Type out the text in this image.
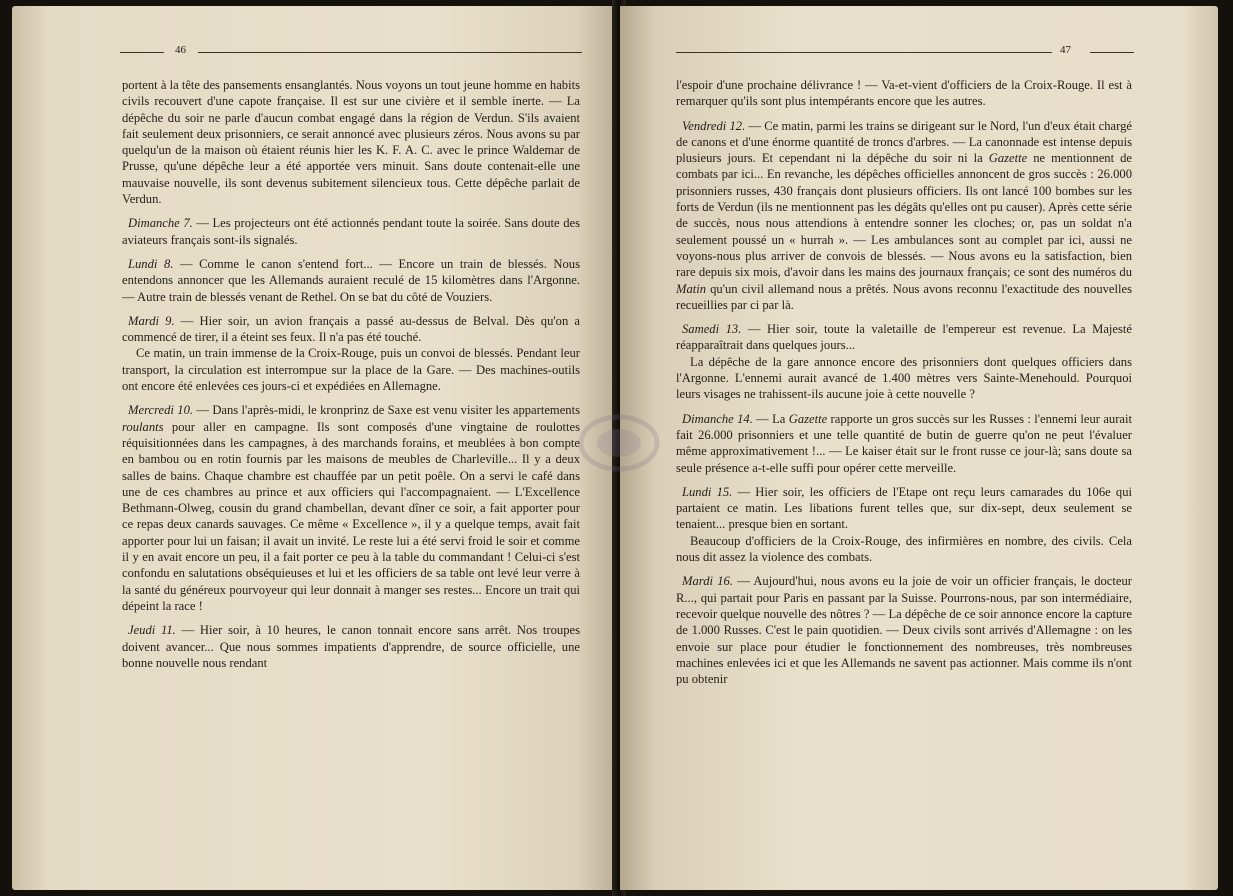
46

portent à la tête des pansements ensanglantés. Nous voyons un tout jeune homme en habits civils recouvert d'une capote française. Il est sur une civière et il semble inerte. — La dépêche du soir ne parle d'aucun combat engagé dans la région de Verdun. S'ils avaient fait seulement deux prisonniers, ce serait annoncé avec plusieurs zéros. Nous avons su par quelqu'un de la maison où étaient réunis hier les K. F. A. C. avec le prince Waldemar de Prusse, qu'une dépêche leur a été apportée vers minuit. Sans doute contenait-elle une mauvaise nouvelle, ils sont devenus subitement silencieux tous. Cette dépêche parlait de Verdun.

Dimanche 7. — Les projecteurs ont été actionnés pendant toute la soirée. Sans doute des aviateurs français sont-ils signalés.

Lundi 8. — Comme le canon s'entend fort... — Encore un train de blessés. Nous entendons annoncer que les Allemands auraient reculé de 15 kilomètres dans l'Argonne. — Autre train de blessés venant de Rethel. On se bat du côté de Vouziers.

Mardi 9. — Hier soir, un avion français a passé au-dessus de Belval. Dès qu'on a commencé de tirer, il a éteint ses feux. Il n'a pas été touché.

Ce matin, un train immense de la Croix-Rouge, puis un convoi de blessés. Pendant leur transport, la circulation est interrompue sur la place de la Gare. — Des machines-outils ont encore été enlevées ces jours-ci et expédiées en Allemagne.

Mercredi 10. — Dans l'après-midi, le kronprinz de Saxe est venu visiter les appartements roulants pour aller en campagne. Ils sont composés d'une vingtaine de roulottes réquisitionnées dans les campagnes, à des marchands forains, et meublées à bon compte en bambou ou en rotin fournis par les maisons de meubles de Charleville... Il y a deux salles de bains. Chaque chambre est chauffée par un petit poêle. On a servi le café dans une de ces chambres au prince et aux officiers qui l'accompagnaient. — L'Excellence Bethmann-Olweg, cousin du grand chambellan, devant dîner ce soir, a fait apporter pour ce repas deux canards sauvages. Ce même « Excellence », il y a quelque temps, avait fait apporter pour lui un faisan; il avait un invité. Le reste lui a été servi froid le soir et comme il y en avait encore un peu, il a fait porter ce peu à la table du commandant ! Celui-ci s'est confondu en salutations obséquieuses et lui et les officiers de sa table ont levé leur verre à la santé du généreux pourvoyeur qui leur donnait à manger ses restes... Encore un trait qui dépeint la race !

Jeudi 11. — Hier soir, à 10 heures, le canon tonnait encore sans arrêt. Nos troupes doivent avancer... Que nous sommes impatients d'apprendre, de source officielle, une bonne nouvelle nous rendant

47

l'espoir d'une prochaine délivrance ! — Va-et-vient d'officiers de la Croix-Rouge. Il est à remarquer qu'ils sont plus intempérants encore que les autres.

Vendredi 12. — Ce matin, parmi les trains se dirigeant sur le Nord, l'un d'eux était chargé de canons et d'une énorme quantité de troncs d'arbres. — La canonnade est intense depuis plusieurs jours. Et cependant ni la dépêche du soir ni la Gazette ne mentionnent de combats par ici... En revanche, les dépêches officielles annoncent de gros succès : 26.000 prisonniers russes, 430 français dont plusieurs officiers. Ils ont lancé 100 bombes sur les forts de Verdun (ils ne mentionnent pas les dégâts qu'elles ont pu causer). Après cette série de succès, nous nous attendions à entendre sonner les cloches; or, pas un soldat n'a seulement poussé un « hurrah ». — Les ambulances sont au complet par ici, aussi ne voyons-nous plus arriver de convois de blessés. — Nous avons eu la satisfaction, bien rare depuis six mois, d'avoir dans les mains des journaux français; ce sont des numéros du Matin qu'un civil allemand nous a prêtés. Nous avons reconnu l'exactitude des nouvelles recueillies par ci par là.

Samedi 13. — Hier soir, toute la valetaille de l'empereur est revenue. La Majesté réapparaîtrait dans quelques jours...

La dépêche de la gare annonce encore des prisonniers dont quelques officiers dans l'Argonne. L'ennemi aurait avancé de 1.400 mètres vers Sainte-Menehould. Pourquoi leurs visages ne trahissent-ils aucune joie à cette nouvelle ?

Dimanche 14. — La Gazette rapporte un gros succès sur les Russes : l'ennemi leur aurait fait 26.000 prisonniers et une telle quantité de butin de guerre qu'on ne peut l'évaluer même approximativement !... — Le kaiser était sur le front russe ce jour-là; sans doute sa seule présence a-t-elle suffi pour opérer cette merveille.

Lundi 15. — Hier soir, les officiers de l'Etape ont reçu leurs camarades du 106e qui partaient ce matin. Les libations furent telles que, sur dix-sept, deux seulement se tenaient... presque bien en sortant.

Beaucoup d'officiers de la Croix-Rouge, des infirmières en nombre, des civils. Cela nous dit assez la violence des combats.

Mardi 16. — Aujourd'hui, nous avons eu la joie de voir un officier français, le docteur R..., qui partait pour Paris en passant par la Suisse. Pourrons-nous, par son intermédiaire, recevoir quelque nouvelle des nôtres ? — La dépêche de ce soir annonce encore la capture de 1.000 Russes. C'est le pain quotidien. — Deux civils sont arrivés d'Allemagne : on les envoie sur place pour étudier le fonctionnement des nombreuses, très nombreuses machines enlevées ici et que les Allemands ne savent pas actionner. Mais comme ils n'ont pu obtenir
